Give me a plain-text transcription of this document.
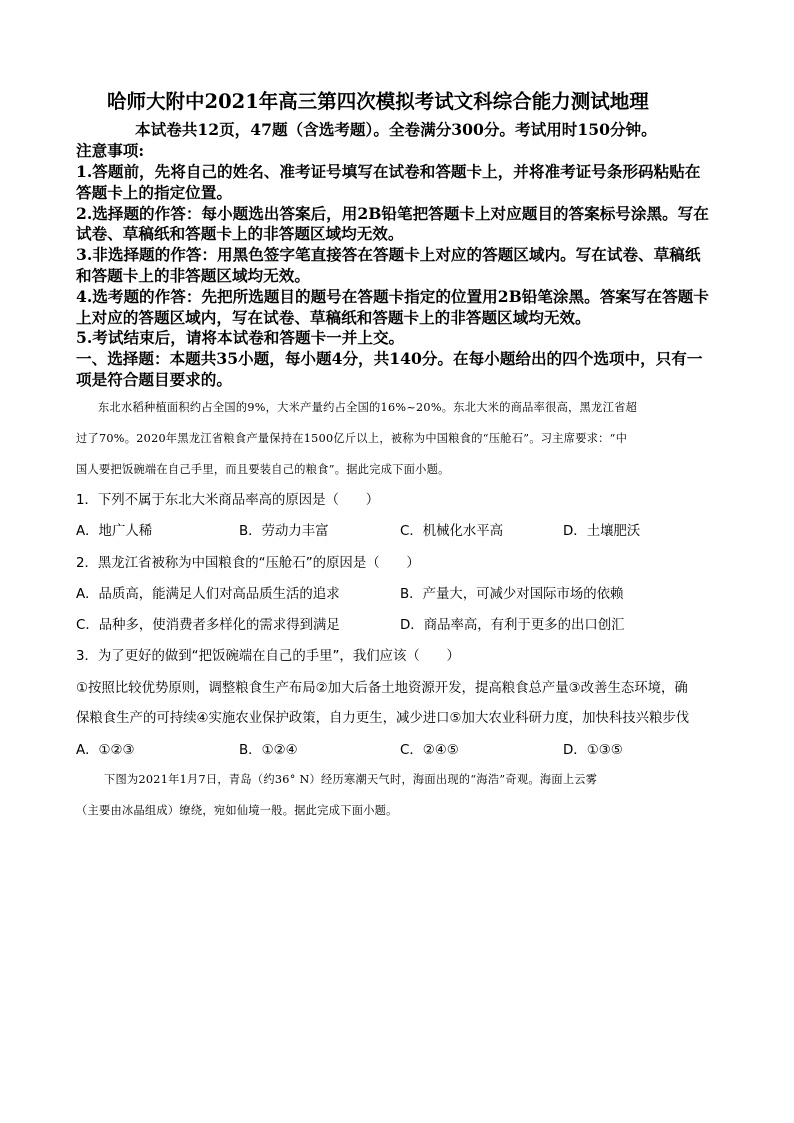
哈师大附中2021年高三第四次模拟考试文科综合能力测试地理
本试卷共12页，47题（含选考题）。全卷满分300分。考试用时150分钟。
注意事项:
1.答题前，先将自己的姓名、准考证号填写在试卷和答题卡上，并将准考证号条形码粘贴在
答题卡上的指定位置。
2.选择题的作答：每小题选出答案后，用2B铅笔把答题卡上对应题目的答案标号涂黑。写在
试卷、草稿纸和答题卡上的非答题区域均无效。
3.非选择题的作答：用黑色签字笔直接答在答题卡上对应的答题区域内。写在试卷、草稿纸
和答题卡上的非答题区域均无效。
4.选考题的作答：先把所选题目的题号在答题卡指定的位置用2B铅笔涂黑。答案写在答题卡
上对应的答题区域内，写在试卷、草稿纸和答题卡上的非答题区域均无效。
5.考试结束后，请将本试卷和答题卡一并上交。
一、选择题：本题共35小题，每小题4分，共140分。在每小题给出的四个选项中，只有一
项是符合题目要求的。
东北水稻种植面积约占全国的9%，大米产量约占全国的16%~20%。东北大米的商品率很高，黑龙江省超
过了70%。2020年黑龙江省粮食产量保持在1500亿斤以上，被称为中国粮食的“压舱石”。习主席要求：“中
国人要把饭碗端在自己手里，而且要装自己的粮食”。据此完成下面小题。
1．下列不属于东北大米商品率高的原因是（　　）
A．地广人稀	B．劳动力丰富	C．机械化水平高	D．土壤肥沃
2．黑龙江省被称为中国粮食的“压舱石”的原因是（　　）
A．品质高，能满足人们对高品质生活的追求	B．产量大，可减少对国际市场的依赖
C．品种多，使消费者多样化的需求得到满足	D．商品率高，有利于更多的出口创汇
3．为了更好的做到“把饭碗端在自己的手里”，我们应该（　　）
①按照比较优势原则，调整粮食生产布局②加大后备土地资源开发，提高粮食总产量③改善生态环境，确
保粮食生产的可持续④实施农业保护政策，自力更生，减少进口⑤加大农业科研力度，加快科技兴粮步伐
A．①②③	B．①②④	C．②④⑤	D．①③⑤
下图为2021年1月7日，青岛（约36° N）经历寒潮天气时，海面出现的“海浩”奇观。海面上云雾
（主要由冰晶组成）缭绕，宛如仙境一般。据此完成下面小题。
